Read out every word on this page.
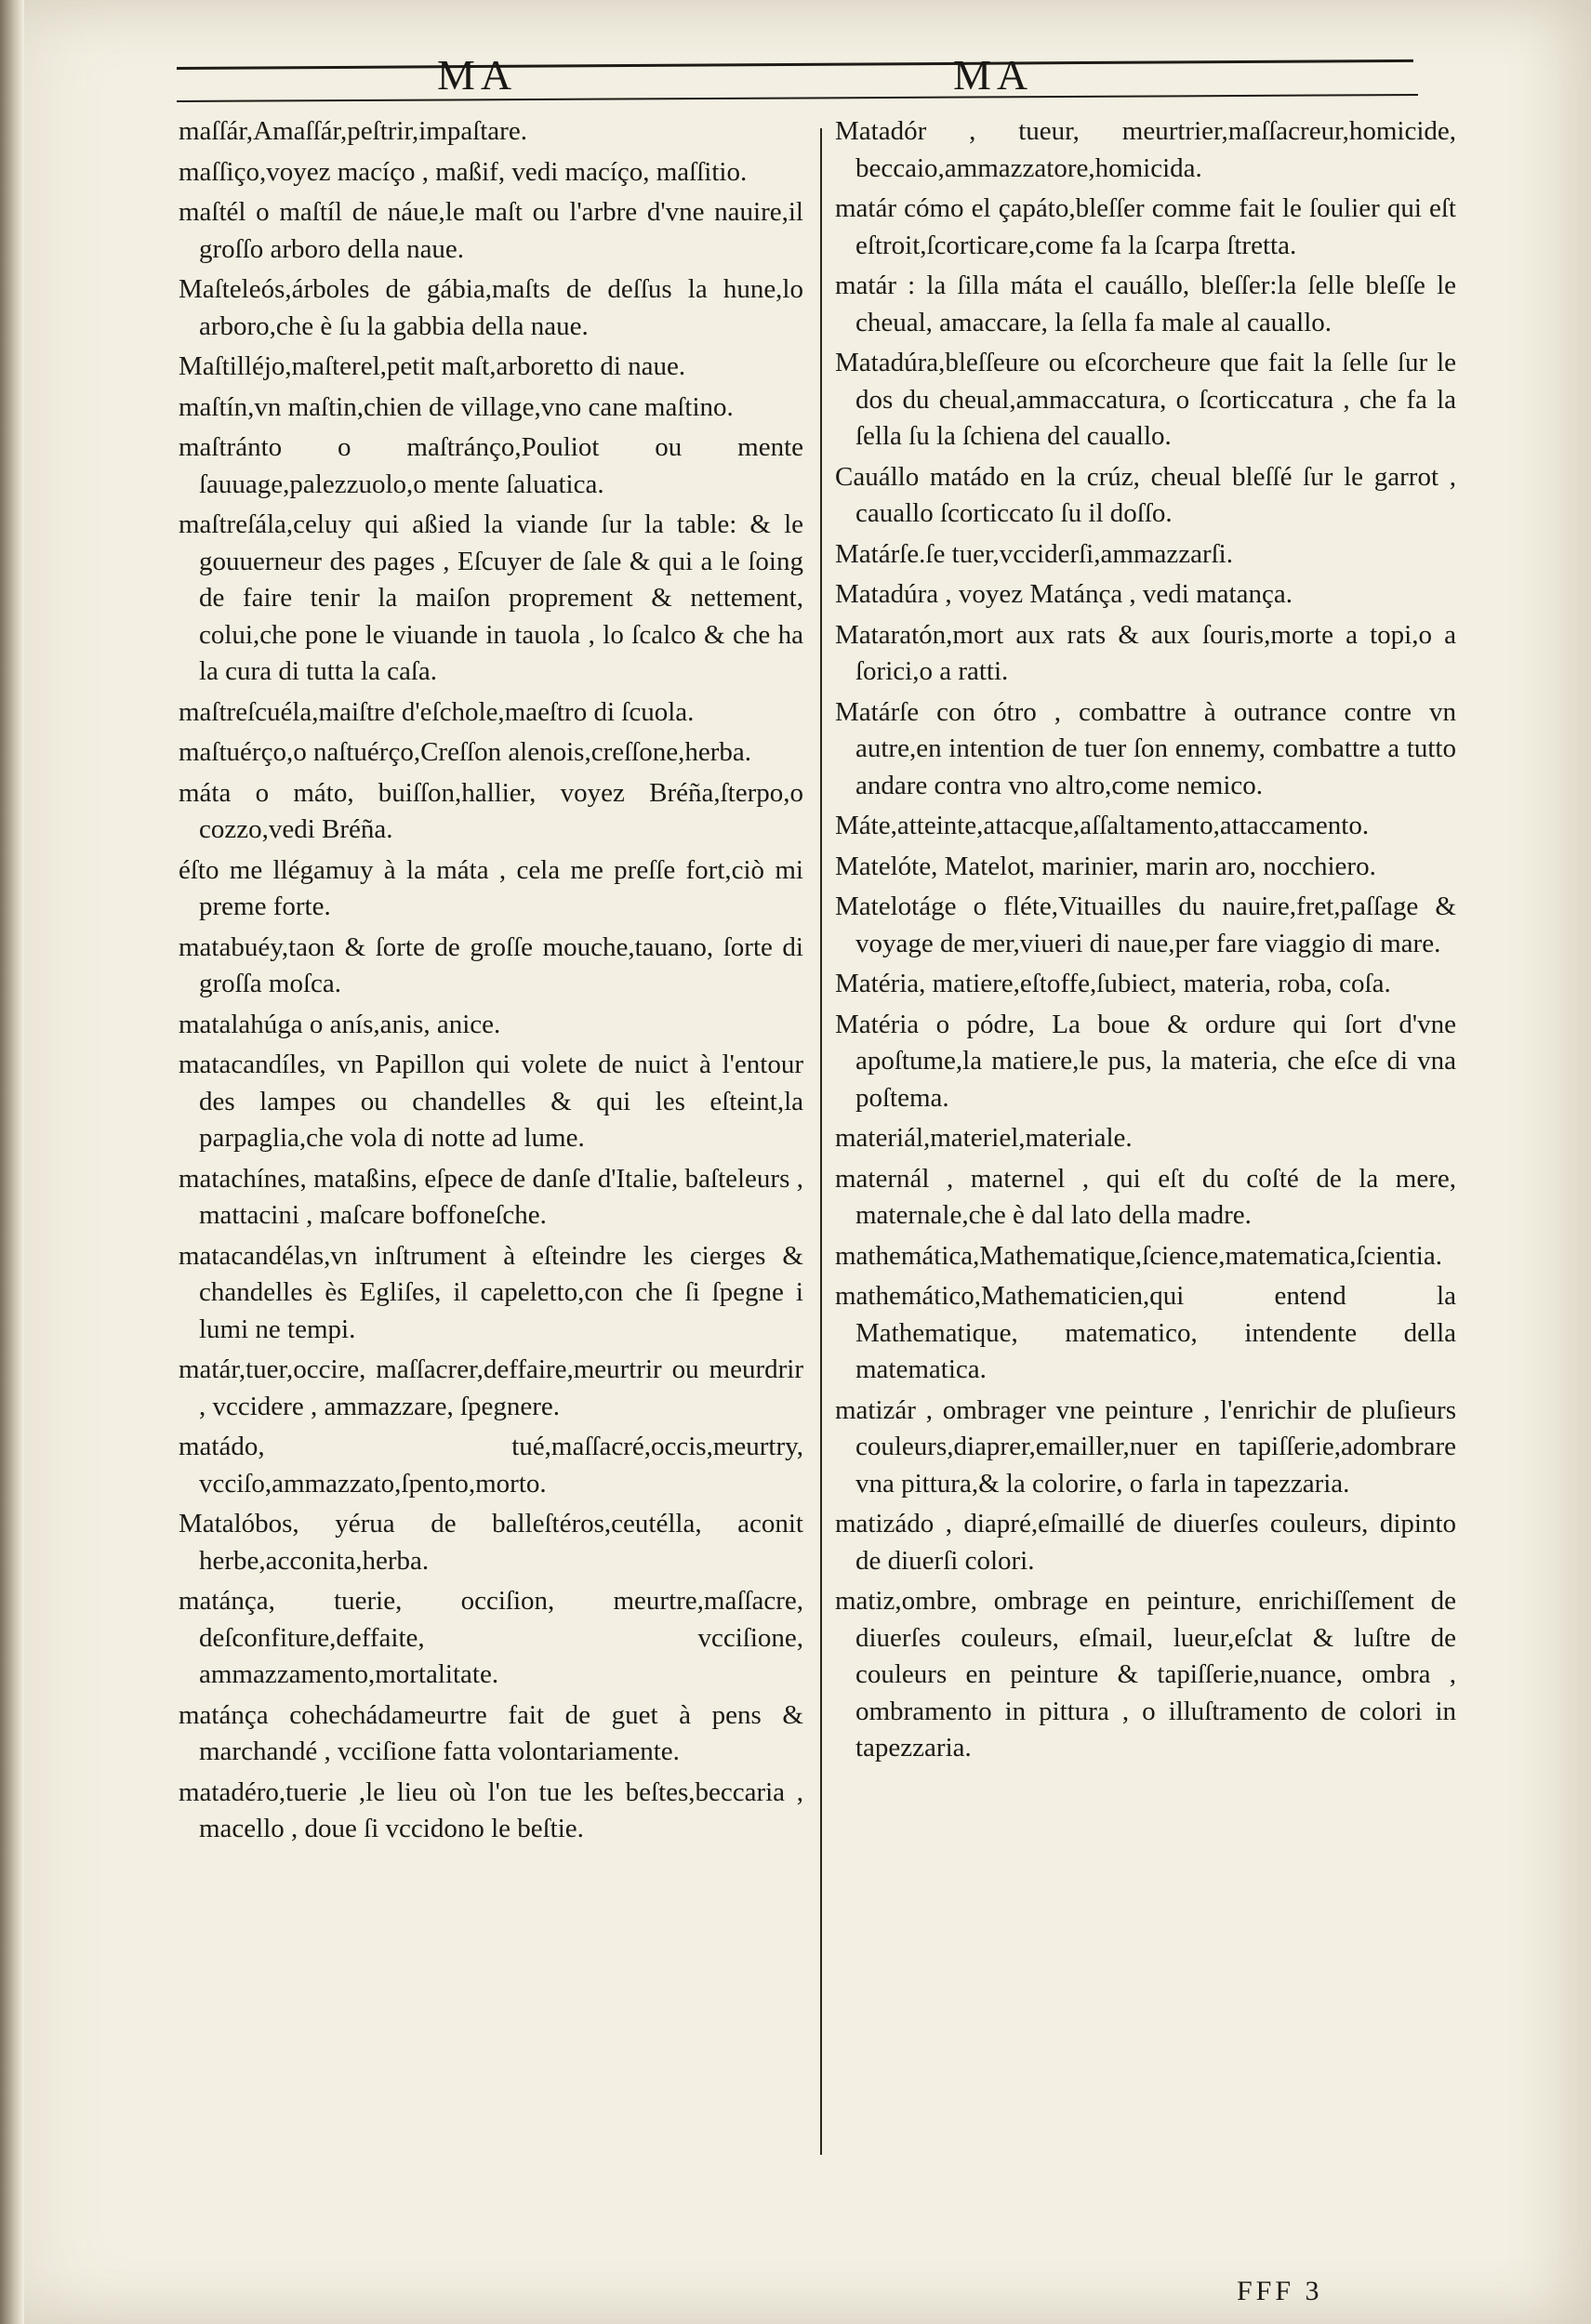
MA	MA
maſſár,Amaſſár,peſtrir,impaſtare.
maſſiço,voyez macíço , maßif, vedi macíço, maſſitio.
maſtél o maſtíl de náue,le maſt ou l'arbre d'vne nauire,il groſſo arboro della naue.
Maſteleós,árboles de gábia,maſts de deſſus la hune,lo arboro,che è ſu la gabbia della naue.
Maſtilléjo,maſterel,petit maſt,arboretto di naue.
maſtín,vn maſtin,chien de village,vno cane maſtino.
maſtránto o maſtránço,Pouliot ou mente ſauuage,palezzuolo,o mente ſaluatica.
maſtreſála,celuy qui aßied la viande ſur la table: & le gouuerneur des pages , Eſcuyer de ſale & qui a le ſoing de faire tenir la maiſon proprement & nettement, colui,che pone le viuande in tauola , lo ſcalco & che ha la cura di tutta la caſa.
maſtreſcuéla,maiſtre d'eſchole,maeſtro di ſcuola.
maſtuérço,o naſtuérço,Creſſon alenois,creſſone,herba.
máta o máto, buiſſon,hallier, voyez Bréña,ſterpo,o cozzo,vedi Bréña.
éſto me llégamuy à la máta , cela me preſſe fort,ciò mi preme forte.
matabuéy,taon & ſorte de groſſe mouche,tauano, ſorte di groſſa moſca.
matalahúga o anís,anis, anice.
matacandíles, vn Papillon qui volete de nuict à l'entour des lampes ou chandelles & qui les eſteint,la parpaglia,che vola di notte ad lume.
matachínes, mataßins, eſpece de danſe d'Italie, baſteleurs , mattacini , maſcare boffoneſche.
matacandélas,vn inſtrument à eſteindre les cierges & chandelles ès Egliſes, il capeletto,con che ſi ſpegne i lumi ne tempi.
matár,tuer,occire, maſſacrer,deffaire,meurtrir ou meurdrir , vccidere , ammazzare, ſpegnere.
matádo, tué,maſſacré,occis,meurtry, vcciſo,ammazzato,ſpento,morto.
Matalóbos, yérua de balleſtéros,ceutélla, aconit herbe,acconita,herba.
matánça, tuerie, occiſion, meurtre,maſſacre, deſconfiture,deffaite, vcciſione, ammazzamento,mortalitate.
matánça cohechádameurtre fait de guet à pens & marchandé , vcciſione fatta volontariamente.
matadéro,tuerie ,le lieu où l'on tue les beſtes,beccaria , macello , doue ſi vccidono le beſtie.
Matadór , tueur, meurtrier,maſſacreur,homicide, beccaio,ammazzatore,homicida.
matár cómo el çapáto,bleſſer comme fait le ſoulier qui eſt eſtroit,ſcorticare,come fa la ſcarpa ſtretta.
matár : la ſilla máta el cauállo, bleſſer:la ſelle bleſſe le cheual, amaccare, la ſella fa male al cauallo.
Matadúra,bleſſeure ou eſcorcheure que fait la ſelle ſur le dos du cheual,ammaccatura, o ſcorticcatura , che fa la ſella ſu la ſchiena del cauallo.
Cauállo matádo en la crúz, cheual bleſſé ſur le garrot , cauallo ſcorticcato ſu il doſſo.
Matárſe.ſe tuer,vcciderſi,ammazzarſi.
Matadúra , voyez Matánça , vedi matança.
Mataratón,mort aux rats & aux ſouris,morte a topi,o a ſorici,o a ratti.
Matárſe con ótro , combattre à outrance contre vn autre,en intention de tuer ſon ennemy, combattre a tutto andare contra vno altro,come nemico.
Máte,atteinte,attacque,aſſaltamento,attaccamento.
Matelóte, Matelot, marinier, marin aro, nocchiero.
Matelotáge o fléte,Vituailles du nauire,fret,paſſage & voyage de mer,viueri di naue,per fare viaggio di mare.
Matéria, matiere,eſtoffe,ſubiect, materia, roba, coſa.
Matéria o pódre, La boue & ordure qui ſort d'vne apoſtume,la matiere,le pus, la materia, che eſce di vna poſtema.
materiál,materiel,materiale.
maternál , maternel , qui eſt du coſté de la mere, maternale,che è dal lato della madre.
mathemática,Mathematique,ſcience,matematica,ſcientia.
mathemático,Mathematicien,qui entend la Mathematique, matematico, intendente della matematica.
matizár , ombrager vne peinture , l'enrichir de pluſieurs couleurs,diaprer,emailler,nuer en tapiſſerie,adombrare vna pittura,& la colorire, o farla in tapezzaria.
matizádo , diapré,eſmaillé de diuerſes couleurs, dipinto de diuerſi colori.
matiz,ombre, ombrage en peinture, enrichiſſement de diuerſes couleurs, eſmail, lueur,eſclat & luſtre de couleurs en peinture & tapiſſerie,nuance, ombra , ombramento in pittura , o illuſtramento de colori in tapezzaria.
FFF 3
